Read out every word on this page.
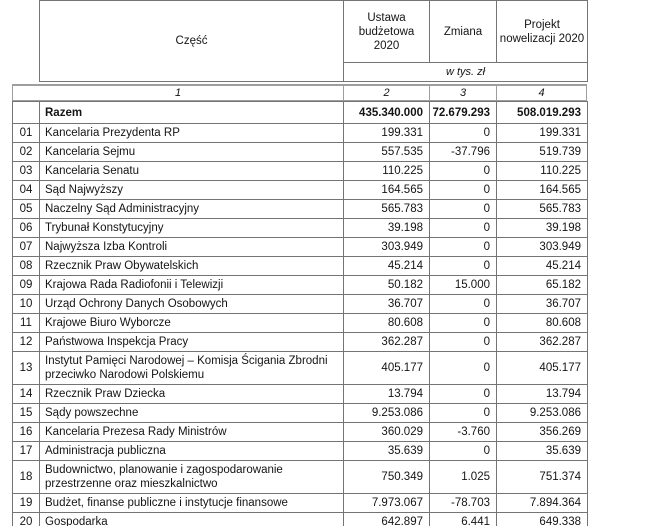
Część	Ustawa budżetowa 2020	Zmiana	Projekt nowelizacji 2020
w tys. zł
1	2	3	4
	Razem	435.340.000	72.679.293	508.019.293
01	Kancelaria Prezydenta RP	199.331	0	199.331
02	Kancelaria Sejmu	557.535	-37.796	519.739
03	Kancelaria Senatu	110.225	0	110.225
04	Sąd Najwyższy	164.565	0	164.565
05	Naczelny Sąd Administracyjny	565.783	0	565.783
06	Trybunał Konstytucyjny	39.198	0	39.198
07	Najwyższa Izba Kontroli	303.949	0	303.949
08	Rzecznik Praw Obywatelskich	45.214	0	45.214
09	Krajowa Rada Radiofonii i Telewizji	50.182	15.000	65.182
10	Urząd Ochrony Danych Osobowych	36.707	0	36.707
11	Krajowe Biuro Wyborcze	80.608	0	80.608
12	Państwowa Inspekcja Pracy	362.287	0	362.287
13	Instytut Pamięci Narodowej – Komisja Ścigania Zbrodni przeciwko Narodowi Polskiemu	405.177	0	405.177
14	Rzecznik Praw Dziecka	13.794	0	13.794
15	Sądy powszechne	9.253.086	0	9.253.086
16	Kancelaria Prezesa Rady Ministrów	360.029	-3.760	356.269
17	Administracja publiczna	35.639	0	35.639
18	Budownictwo, planowanie i zagospodarowanie przestrzenne oraz mieszkalnictwo	750.349	1.025	751.374
19	Budżet, finanse publiczne i instytucje finansowe	7.973.067	-78.703	7.894.364
20	Gospodarka	642.897	6.441	649.338
